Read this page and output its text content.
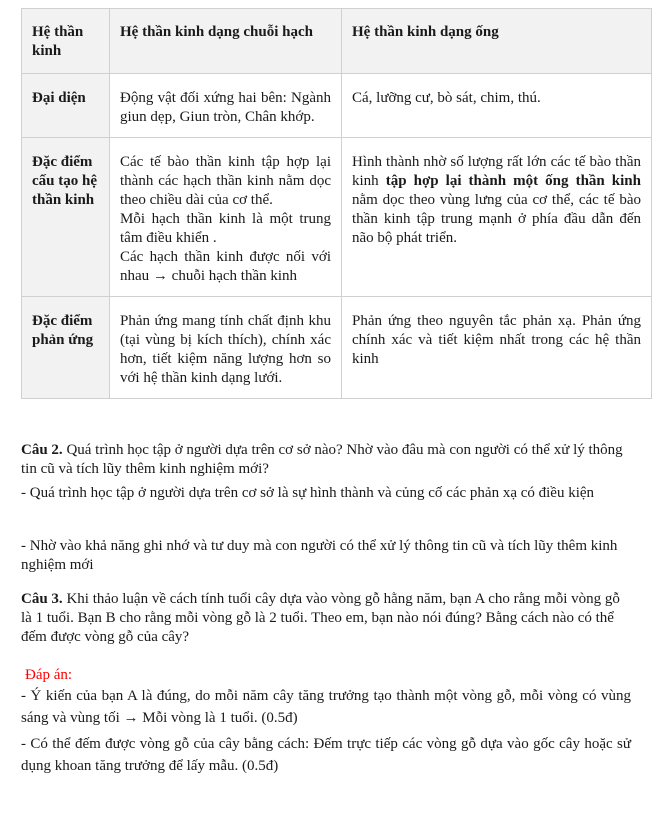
Hệ thần kinh	Hệ thần kinh dạng chuỗi hạch	Hệ thần kinh dạng ống
Đại diện	Động vật đối xứng hai bên: Ngành giun dẹp, Giun tròn, Chân khớp.	Cá, lưỡng cư, bò sát, chim, thú.
Đặc điểm cấu tạo hệ thần kinh	Các tế bào thần kinh tập hợp lại thành các hạch thần kinh nằm dọc theo chiều dài của cơ thể.
Mỗi hạch thần kinh là một trung tâm điều khiển .
Các hạch thần kinh được nối với nhau → chuỗi hạch thần kinh	Hình thành nhờ số lượng rất lớn các tế bào thần kinh tập hợp lại thành một ống thần kinh nằm dọc theo vùng lưng của cơ thể, các tế bào thần kinh tập trung mạnh ở phía đầu dẫn đến não bộ phát triển.
Đặc điểm phản ứng	Phản ứng mang tính chất định khu (tại vùng bị kích thích), chính xác hơn, tiết kiệm năng lượng hơn so với hệ thần kinh dạng lưới.	Phản ứng theo nguyên tắc phản xạ. Phản ứng chính xác và tiết kiệm nhất trong các hệ thần kinh
Câu 2. Quá trình học tập ở người dựa trên cơ sở nào? Nhờ vào đâu mà con người có thể xử lý thông tin cũ và tích lũy thêm kinh nghiệm mới?
- Quá trình học tập ở người dựa trên cơ sở là sự hình thành và củng cố các phản xạ có điều kiện
- Nhờ vào khả năng ghi nhớ và tư duy mà con người có thể xử lý thông tin cũ và tích lũy thêm kinh nghiệm mới
Câu 3. Khi thảo luận về cách tính tuổi cây dựa vào vòng gỗ hằng năm, bạn A cho rằng mỗi vòng gỗ là 1 tuổi. Bạn B cho rằng mỗi vòng gỗ là 2 tuổi. Theo em, bạn nào nói đúng? Bằng cách nào có thể đếm được vòng gỗ của cây?
Đáp án:
- Ý kiến của bạn A là đúng, do mỗi năm cây tăng trưởng tạo thành một vòng gỗ, mỗi vòng có vùng sáng và vùng tối → Mỗi vòng là 1 tuổi. (0.5đ)
- Có thể đếm được vòng gỗ của cây bằng cách: Đếm trực tiếp các vòng gỗ dựa vào gốc cây hoặc sử dụng khoan tăng trưởng để lấy mẫu. (0.5đ)
